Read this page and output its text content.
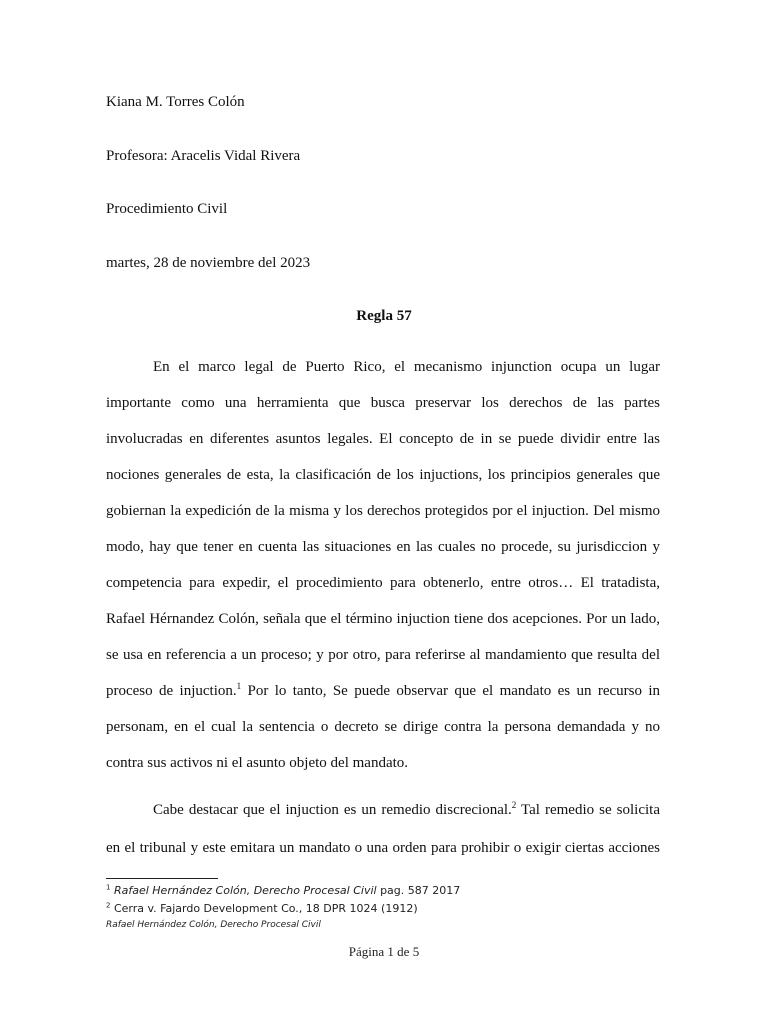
Kiana M. Torres Colón
Profesora: Aracelis Vidal Rivera
Procedimiento Civil
martes, 28 de noviembre del 2023
Regla 57
En el marco legal de Puerto Rico, el mecanismo injunction ocupa un lugar
importante como una herramienta que busca preservar los derechos de las partes
involucradas en diferentes asuntos legales. El concepto de in se puede dividir entre las
nociones generales de esta, la clasificación de los injuctions, los principios generales que
gobiernan la expedición de la misma y los derechos protegidos por el injuction. Del mismo
modo, hay que tener en cuenta las situaciones en las cuales no procede, su jurisdiccion y
competencia para expedir, el procedimiento para obtenerlo, entre otros… El tratadista,
Rafael Hérnandez Colón, señala que el término injuction tiene dos acepciones. Por un lado,
se usa en referencia a un proceso; y por otro, para referirse al mandamiento que resulta del
proceso de injuction.$^1$ Por lo tanto, Se puede observar que el mandato es un recurso in
personam, en el cual la sentencia o decreto se dirige contra la persona demandada y no
contra sus activos ni el asunto objeto del mandato.
Cabe destacar que el injuction es un remedio discrecional.$^2$ Tal remedio se solicita
en el tribunal y este emitara un mandato o una orden para prohibir o exigir ciertas acciones
$^1$ Rafael Hernández Colón, Derecho Procesal Civil pag. 587 2017
$^2$ Cerra v. Fajardo Development Co., 18 DPR 1024 (1912)
Rafael Hernández Colón, Derecho Procesal Civil
Página 1 de 5
